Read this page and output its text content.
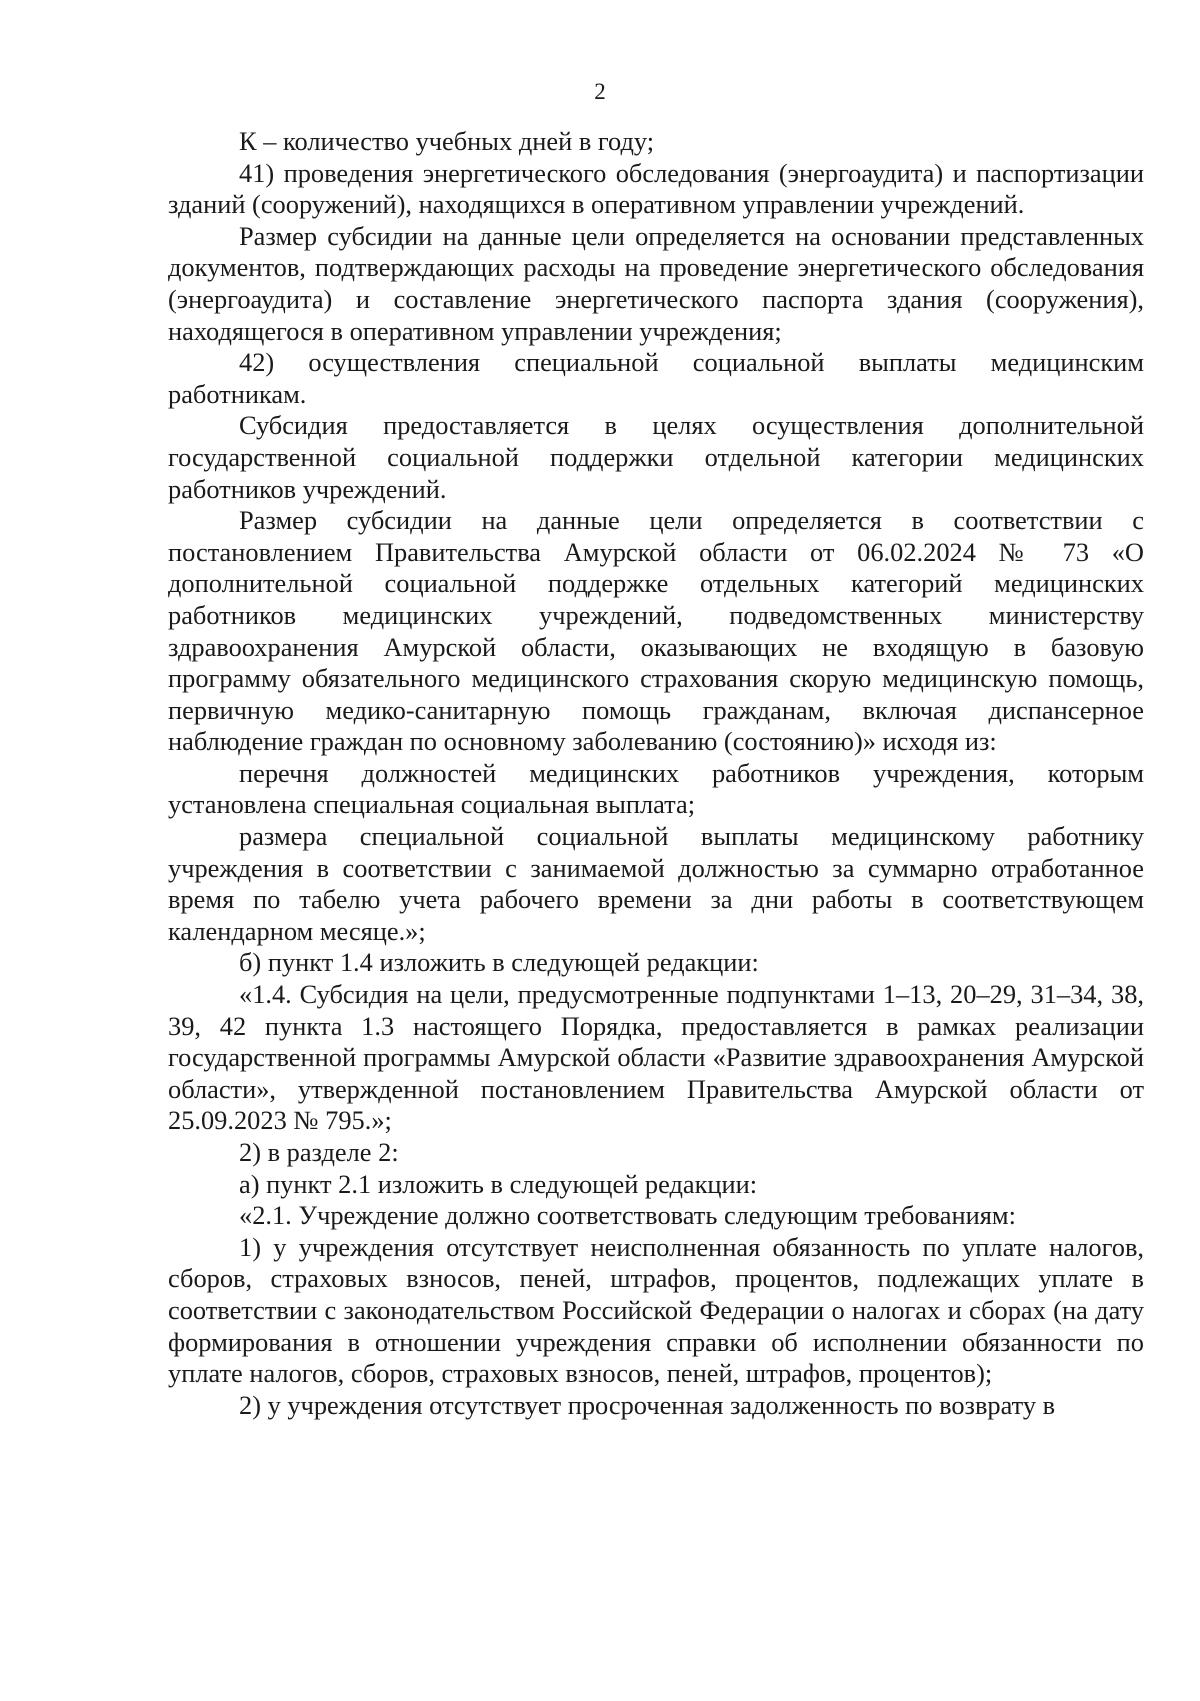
2

К – количество учебных дней в году;

41) проведения энергетического обследования (энергоаудита) и паспортизации зданий (сооружений), находящихся в оперативном управлении учреждений.

Размер субсидии на данные цели определяется на основании представленных документов, подтверждающих расходы на проведение энергетического обследования (энергоаудита) и составление энергетического паспорта здания (сооружения), находящегося в оперативном управлении учреждения;

42) осуществления специальной социальной выплаты медицинским работникам.

Субсидия предоставляется в целях осуществления дополнительной государственной социальной поддержки отдельной категории медицинских работников учреждений.

Размер субсидии на данные цели определяется в соответствии с постановлением Правительства Амурской области от 06.02.2024 № 73 «О дополнительной социальной поддержке отдельных категорий медицинских работников медицинских учреждений, подведомственных министерству здравоохранения Амурской области, оказывающих не входящую в базовую программу обязательного медицинского страхования скорую медицинскую помощь, первичную медико-санитарную помощь гражданам, включая диспансерное наблюдение граждан по основному заболеванию (состоянию)» исходя из:

перечня должностей медицинских работников учреждения, которым установлена специальная социальная выплата;

размера специальной социальной выплаты медицинскому работнику учреждения в соответствии с занимаемой должностью за суммарно отработанное время по табелю учета рабочего времени за дни работы в соответствующем календарном месяце.»;

б) пункт 1.4 изложить в следующей редакции:

«1.4. Субсидия на цели, предусмотренные подпунктами 1–13, 20–29, 31–34, 38, 39, 42 пункта 1.3 настоящего Порядка, предоставляется в рамках реализации государственной программы Амурской области «Развитие здравоохранения Амурской области», утвержденной постановлением Правительства Амурской области от 25.09.2023 № 795.»;

2) в разделе 2:

а) пункт 2.1 изложить в следующей редакции:

«2.1. Учреждение должно соответствовать следующим требованиям:

1) у учреждения отсутствует неисполненная обязанность по уплате налогов, сборов, страховых взносов, пеней, штрафов, процентов, подлежащих уплате в соответствии с законодательством Российской Федерации о налогах и сборах (на дату формирования в отношении учреждения справки об исполнении обязанности по уплате налогов, сборов, страховых взносов, пеней, штрафов, процентов);

2) у учреждения отсутствует просроченная задолженность по возврату в
